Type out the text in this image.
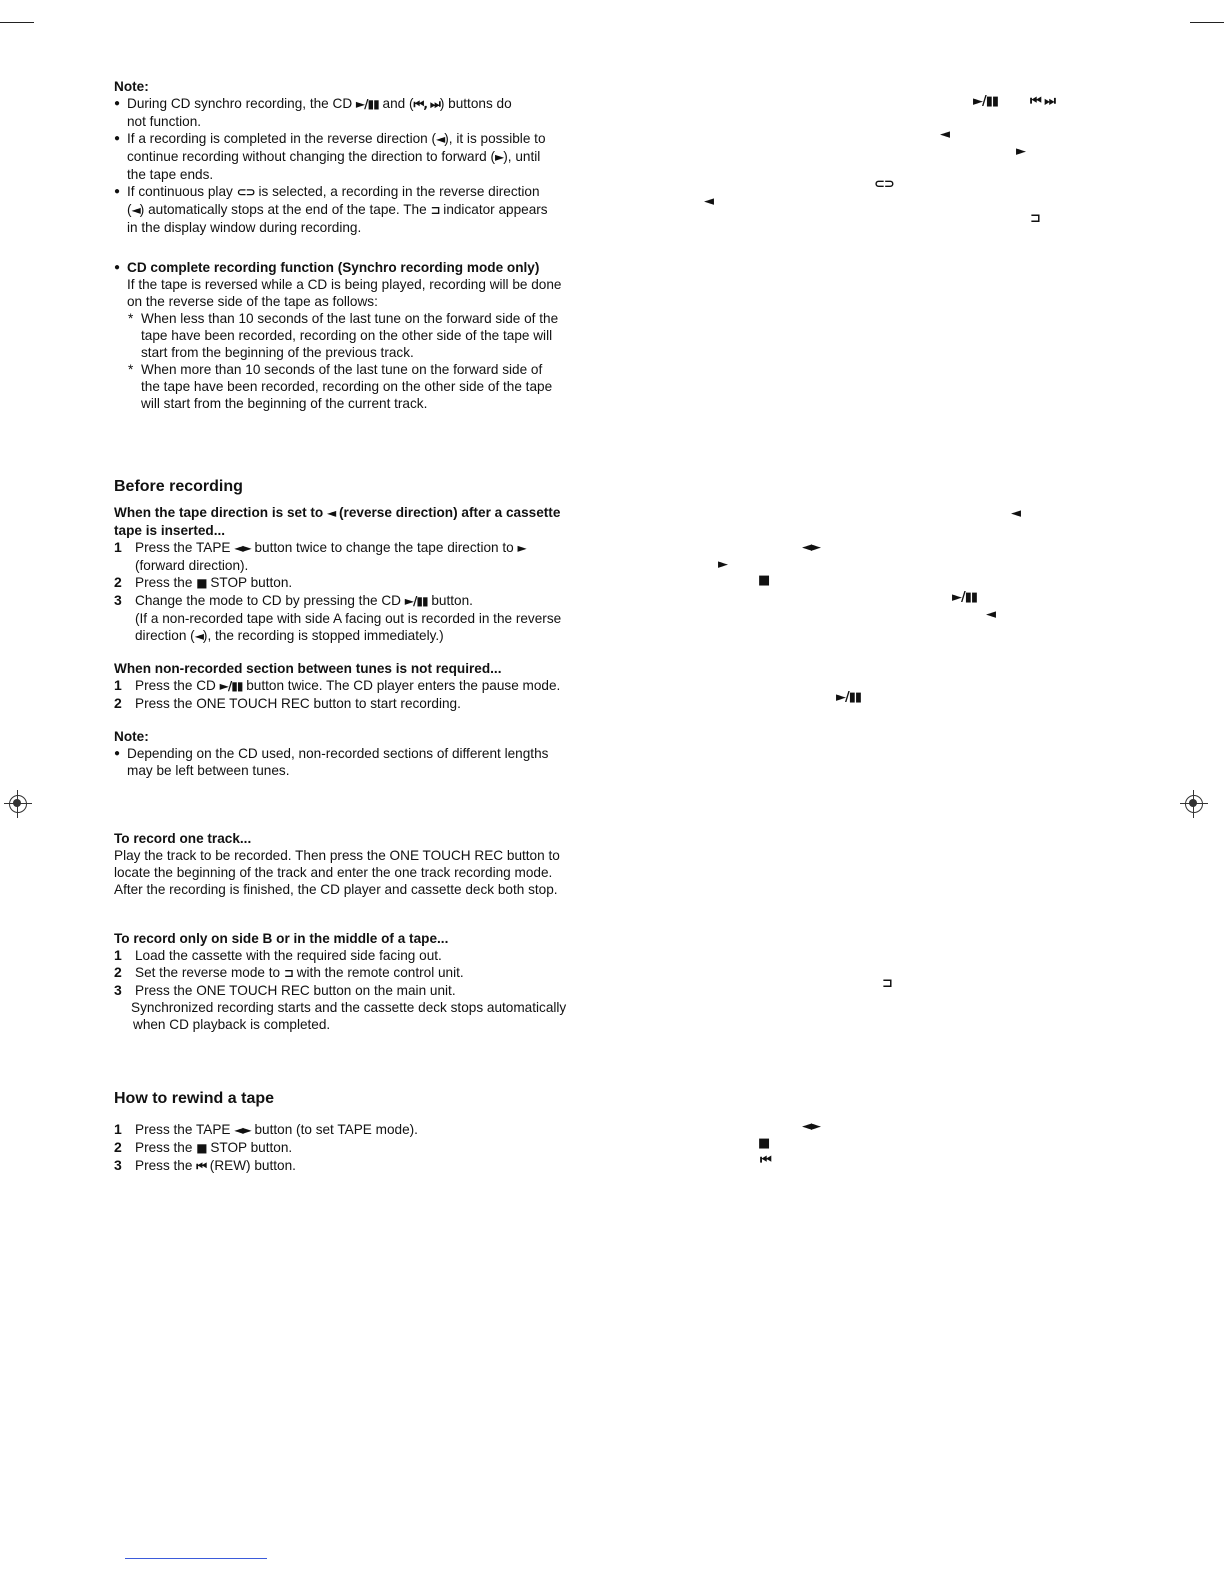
Note:

● During CD synchro recording, the CD ►/▮▮ and (⏮, ⏭) buttons do
not function.

● If a recording is completed in the reverse direction (◄), it is possible to
continue recording without changing the direction to forward (►), until
the tape ends.

● If continuous play ⊂⊃ is selected, a recording in the reverse direction
(◄) automatically stops at the end of the tape. The ⊐ indicator appears
in the display window during recording.

● CD complete recording function (Synchro recording mode only)

If the tape is reversed while a CD is being played, recording will be done

on the reverse side of the tape as follows:

* When less than 10 seconds of the last tune on the forward side of the
tape have been recorded, recording on the other side of the tape will
start from the beginning of the previous track.

* When more than 10 seconds of the last tune on the forward side of
the tape have been recorded, recording on the other side of the tape
will start from the beginning of the current track.

Before recording

When the tape direction is set to ◄ (reverse direction) after a cassette
tape is inserted...

1 Press the TAPE ◄► button twice to change the tape direction to ►
(forward direction).

2 Press the ■ STOP button.

3 Change the mode to CD by pressing the CD ►/▮▮ button.
(If a non-recorded tape with side A facing out is recorded in the reverse
direction (◄), the recording is stopped immediately.)

When non-recorded section between tunes is not required...

1 Press the CD ►/▮▮ button twice. The CD player enters the pause mode.

2 Press the ONE TOUCH REC button to start recording.

Note:

● Depending on the CD used, non-recorded sections of different lengths
may be left between tunes.

To record one track...

Play the track to be recorded. Then press the ONE TOUCH REC button to

locate the beginning of the track and enter the one track recording mode.

After the recording is finished, the CD player and cassette deck both stop.

To record only on side B or in the middle of a tape...

1 Load the cassette with the required side facing out.

2 Set the reverse mode to ⊐ with the remote control unit.

3 Press the ONE TOUCH REC button on the main unit.

Synchronized recording starts and the cassette deck stops automatically

when CD playback is completed.

How to rewind a tape

1 Press the TAPE ◄► button (to set TAPE mode).

2 Press the ■ STOP button.

3 Press the ⏮ (REW) button.

►/▮▮ ⏮ ⏭
◄
►
⊂⊃
◄
⊐
◄
◄►
►
■
►/▮▮
◄
►/▮▮
⊐
◄►
■
⏮
